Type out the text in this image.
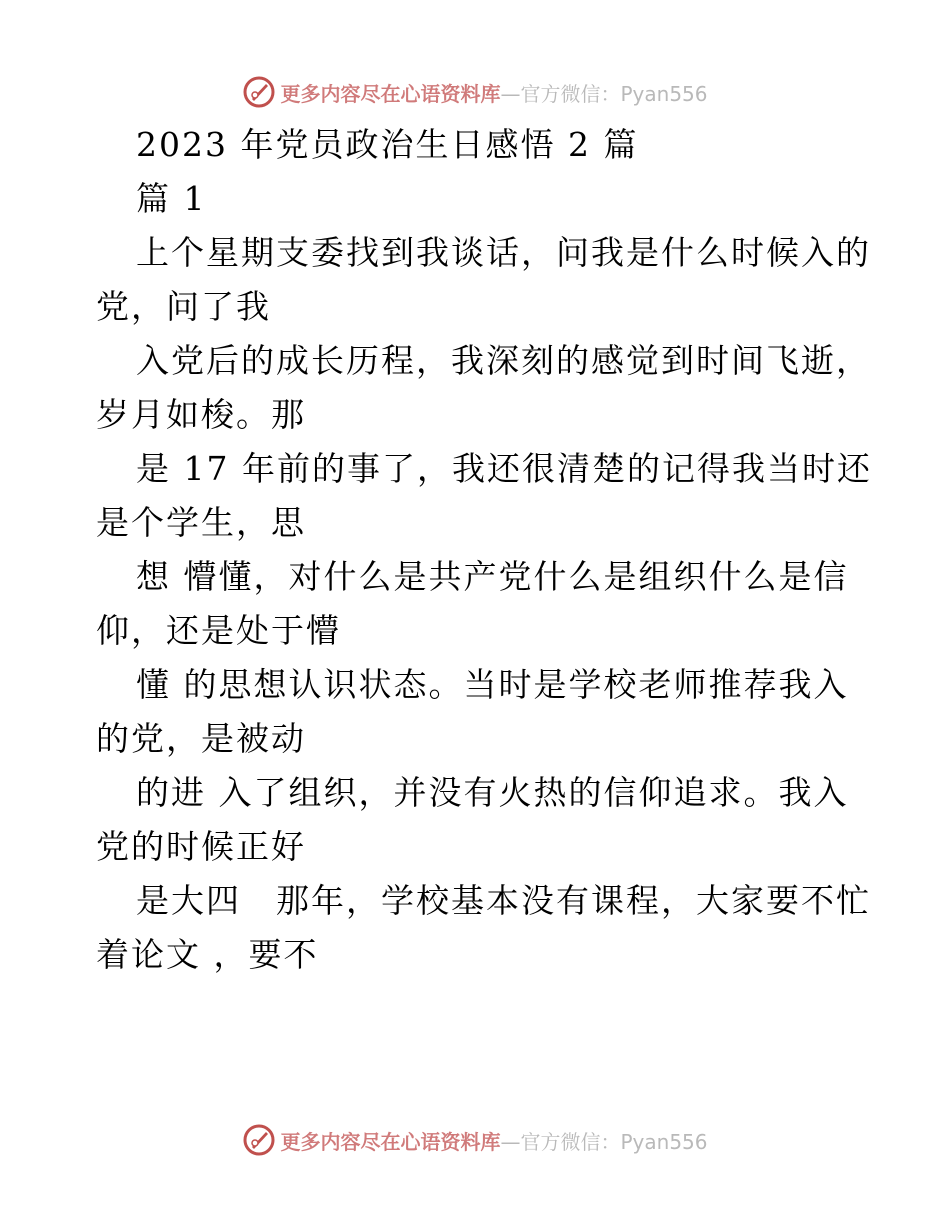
更多内容尽在心语资料库—官方微信：Pyan556
2023 年党员政治生日感悟 2 篇
篇 1
上个星期支委找到我谈话，问我是什么时候入的
党，问了我
入党后的成长历程，我深刻的感觉到时间飞逝，
岁月如梭。那
是 17 年前的事了，我还很清楚的记得我当时还
是个学生，思
想 懵懂，对什么是共产党什么是组织什么是信
仰，还是处于懵
懂 的思想认识状态。当时是学校老师推荐我入
的党，是被动
的进 入了组织，并没有火热的信仰追求。我入
党的时候正好
是大四　那年，学校基本没有课程，大家要不忙
着论文 ，要不
更多内容尽在心语资料库—官方微信：Pyan556
